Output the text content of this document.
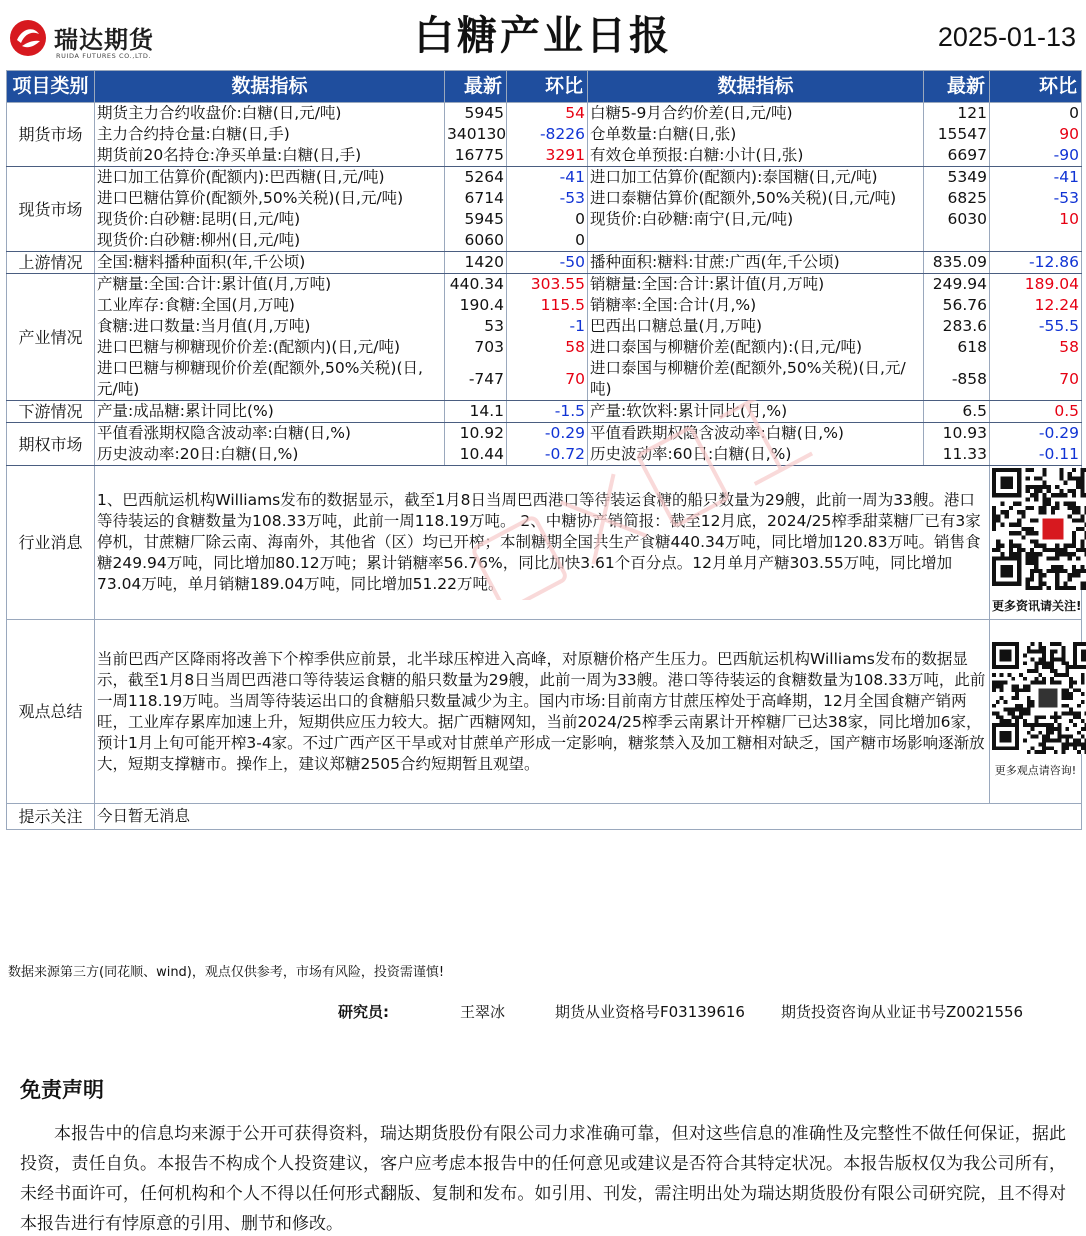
瑞达期货
RUIDA FUTURES CO.,LTD.	白糖产业日报	2025-01-13
项目类别	数据指标	最新	环比	数据指标	最新	环比
期货市场	期货主力合约收盘价:白糖(日,元/吨)	5945	54	白糖5-9月合约价差(日,元/吨)	121	0
	主力合约持仓量:白糖(日,手)	340130	-8226	仓单数量:白糖(日,张)	15547	90
	期货前20名持仓:净买单量:白糖(日,手)	16775	3291	有效仓单预报:白糖:小计(日,张)	6697	-90
现货市场	进口加工估算价(配额内):巴西糖(日,元/吨)	5264	-41	进口加工估算价(配额内):泰国糖(日,元/吨)	5349	-41
	进口巴糖估算价(配额外,50%关税)(日,元/吨)	6714	-53	进口泰糖估算价(配额外,50%关税)(日,元/吨)	6825	-53
	现货价:白砂糖:昆明(日,元/吨)	5945	0	现货价:白砂糖:南宁(日,元/吨)	6030	10
	现货价:白砂糖:柳州(日,元/吨)	6060	0			
上游情况	全国:糖料播种面积(年,千公顷)	1420	-50	播种面积:糖料:甘蔗:广西(年,千公顷)	835.09	-12.86
产业情况	产糖量:全国:合计:累计值(月,万吨)	440.34	303.55	销糖量:全国:合计:累计值(月,万吨)	249.94	189.04
	工业库存:食糖:全国(月,万吨)	190.4	115.5	销糖率:全国:合计(月,%)	56.76	12.24
	食糖:进口数量:当月值(月,万吨)	53	-1	巴西出口糖总量(月,万吨)	283.6	-55.5
	进口巴糖与柳糖现价价差:(配额内)(日,元/吨)	703	58	进口泰国与柳糖价差(配额内):(日,元/吨)	618	58
	进口巴糖与柳糖现价价差(配额外,50%关税)(日,元/吨)	-747	70	进口泰国与柳糖价差(配额外,50%关税)(日,元/吨)	-858	70
下游情况	产量:成品糖:累计同比(%)	14.1	-1.5	产量:软饮料:累计同比(月,%)	6.5	0.5
期权市场	平值看涨期权隐含波动率:白糖(日,%)	10.92	-0.29	平值看跌期权隐含波动率:白糖(日,%)	10.93	-0.29
	历史波动率:20日:白糖(日,%)	10.44	-0.72	历史波动率:60日:白糖(日,%)	11.33	-0.11
行业消息	1、巴西航运机构Williams发布的数据显示，截至1月8日当周巴西港口等待装运食糖的船只数量为29艘，此前一周为33艘。港口等待装运的食糖数量为108.33万吨，此前一周118.19万吨。 2、中糖协产销简报：截至12月底，2024/25榨季甜菜糖厂已有3家停机，甘蔗糖厂除云南、海南外，其他省（区）均已开榨；本制糖期全国共生产食糖440.34万吨，同比增加120.83万吨。销售食糖249.94万吨，同比增加80.12万吨；累计销糖率56.76%，同比加快3.61个百分点。12月单月产糖303.55万吨，同比增加73.04万吨，单月销糖189.04万吨，同比增加51.22万吨。					更多资讯请关注!

观点总结	当前巴西产区降雨将改善下个榨季供应前景，北半球压榨进入高峰，对原糖价格产生压力。巴西航运机构Williams发布的数据显示，截至1月8日当周巴西港口等待装运食糖的船只数量为29艘，此前一周为33艘。港口等待装运的食糖数量为108.33万吨，此前一周118.19万吨。当周等待装运出口的食糖船只数量减少为主。国内市场:目前南方甘蔗压榨处于高峰期，12月全国食糖产销两旺，工业库存累库加速上升，短期供应压力较大。据广西糖网知，当前2024/25榨季云南累计开榨糖厂已达38家，同比增加6家，预计1月上旬可能开榨3-4家。不过广西产区干旱或对甘蔗单产形成一定影响，糖浆禁入及加工糖相对缺乏，国产糖市场影响逐渐放大，短期支撑糖市。操作上，建议郑糖2505合约短期暂且观望。					更多观点请咨询!

提示关注	今日暂无消息					
数据来源第三方(同花顺、wind)，观点仅供参考，市场有风险，投资需谨慎!
研究员:	王翠冰	期货从业资格号F03139616 期货投资咨询从业证书号Z0021556
免责声明
本报告中的信息均来源于公开可获得资料，瑞达期货股份有限公司力求准确可靠，但对这些信息的准确性及完整性不做任何保证，据此投资，责任自负。本报告不构成个人投资建议，客户应考虑本报告中的任何意见或建议是否符合其特定状况。本报告版权仅为我公司所有，未经书面许可，任何机构和个人不得以任何形式翻版、复制和发布。如引用、刊发，需注明出处为瑞达期货股份有限公司研究院，且不得对本报告进行有悖原意的引用、删节和修改。
